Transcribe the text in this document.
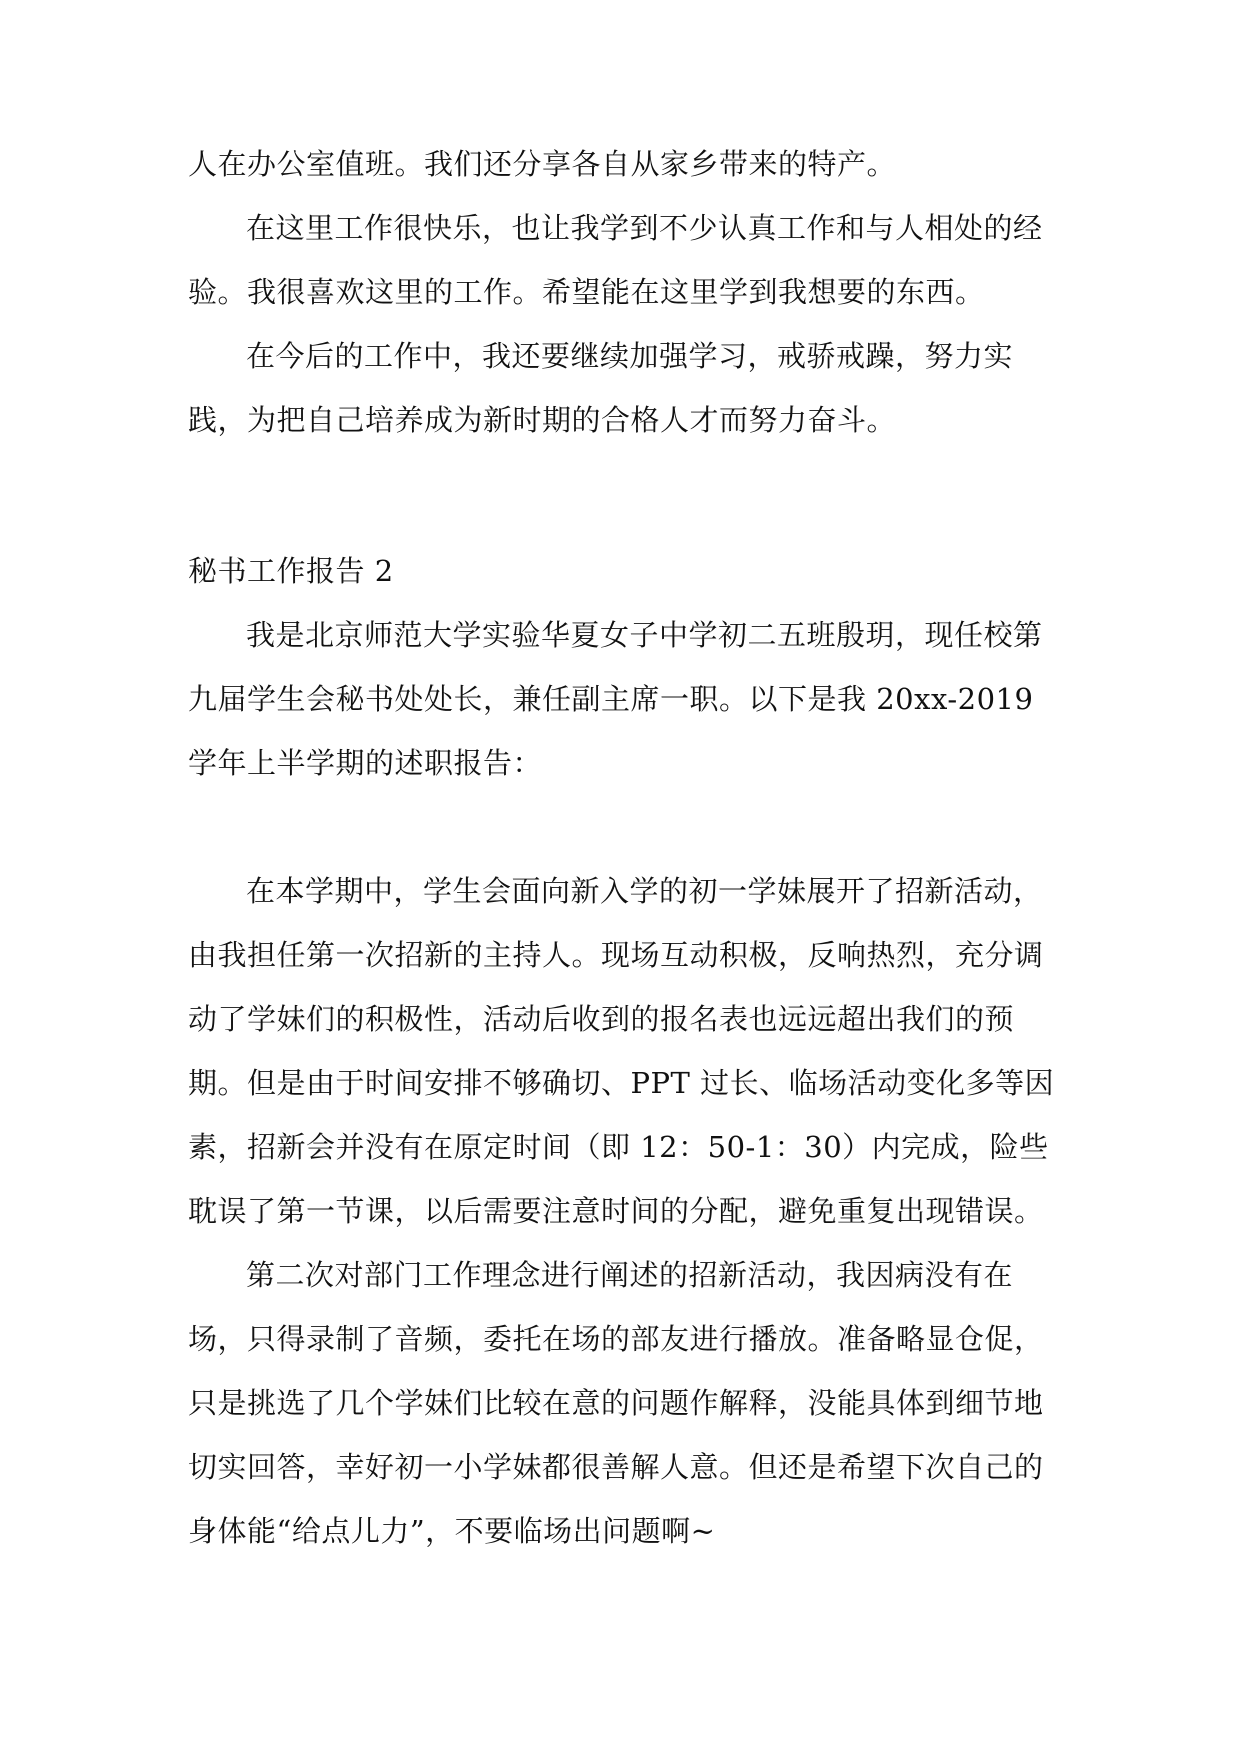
人在办公室值班。我们还分享各自从家乡带来的特产。
在这里工作很快乐，也让我学到不少认真工作和与人相处的经验。我很喜欢这里的工作。希望能在这里学到我想要的东西。
在今后的工作中，我还要继续加强学习，戒骄戒躁，努力实践，为把自己培养成为新时期的合格人才而努力奋斗。
秘书工作报告 2
我是北京师范大学实验华夏女子中学初二五班殷玥，现任校第九届学生会秘书处处长，兼任副主席一职。以下是我 20xx-2019 学年上半学期的述职报告：
在本学期中，学生会面向新入学的初一学妹展开了招新活动，由我担任第一次招新的主持人。现场互动积极，反响热烈，充分调动了学妹们的积极性，活动后收到的报名表也远远超出我们的预期。但是由于时间安排不够确切、PPT 过长、临场活动变化多等因素，招新会并没有在原定时间（即 12：50-1：30）内完成，险些耽误了第一节课，以后需要注意时间的分配，避免重复出现错误。
第二次对部门工作理念进行阐述的招新活动，我因病没有在场，只得录制了音频，委托在场的部友进行播放。准备略显仓促，只是挑选了几个学妹们比较在意的问题作解释，没能具体到细节地切实回答，幸好初一小学妹都很善解人意。但还是希望下次自己的身体能“给点儿力”，不要临场出问题啊~
